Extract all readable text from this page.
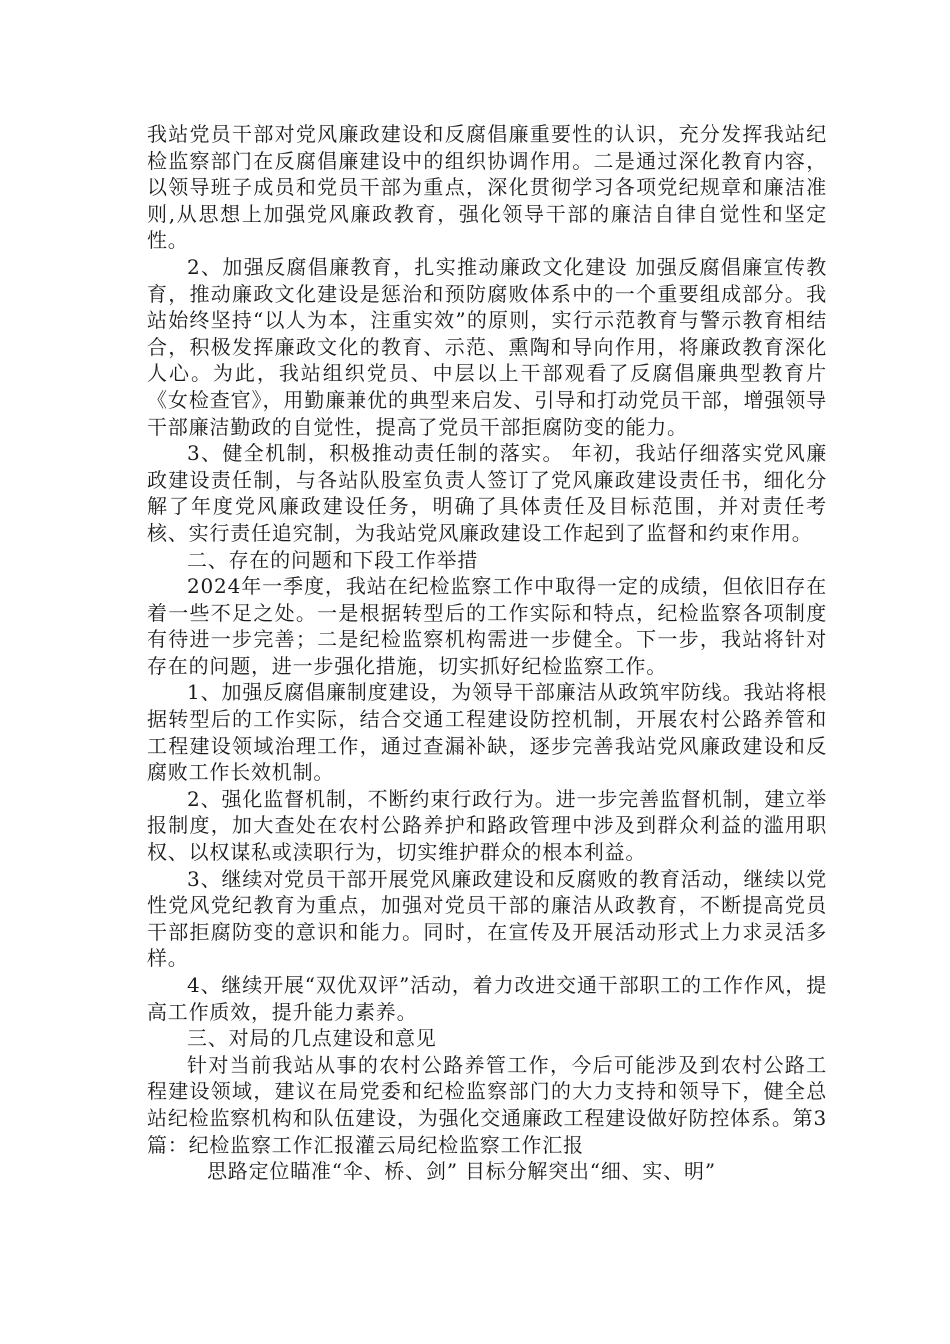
我站党员干部对党风廉政建设和反腐倡廉重要性的认识，充分发挥我站纪检监察部门在反腐倡廉建设中的组织协调作用。二是通过深化教育内容，以领导班子成员和党员干部为重点，深化贯彻学习各项党纪规章和廉洁准则,从思想上加强党风廉政教育，强化领导干部的廉洁自律自觉性和坚定性。

2、加强反腐倡廉教育，扎实推动廉政文化建设 加强反腐倡廉宣传教育，推动廉政文化建设是惩治和预防腐败体系中的一个重要组成部分。我站始终坚持“以人为本，注重实效”的原则，实行示范教育与警示教育相结合，积极发挥廉政文化的教育、示范、熏陶和导向作用，将廉政教育深化人心。为此，我站组织党员、中层以上干部观看了反腐倡廉典型教育片《女检查官》，用勤廉兼优的典型来启发、引导和打动党员干部，增强领导干部廉洁勤政的自觉性，提高了党员干部拒腐防变的能力。

3、健全机制，积极推动责任制的落实。 年初，我站仔细落实党风廉政建设责任制，与各站队股室负责人签订了党风廉政建设责任书，细化分解了年度党风廉政建设任务，明确了具体责任及目标范围，并对责任考核、实行责任追究制，为我站党风廉政建设工作起到了监督和约束作用。

二、存在的问题和下段工作举措

2024年一季度，我站在纪检监察工作中取得一定的成绩，但依旧存在着一些不足之处。一是根据转型后的工作实际和特点，纪检监察各项制度有待进一步完善；二是纪检监察机构需进一步健全。下一步，我站将针对存在的问题，进一步强化措施，切实抓好纪检监察工作。

1、加强反腐倡廉制度建设，为领导干部廉洁从政筑牢防线。我站将根据转型后的工作实际，结合交通工程建设防控机制，开展农村公路养管和工程建设领域治理工作，通过查漏补缺，逐步完善我站党风廉政建设和反腐败工作长效机制。

2、强化监督机制，不断约束行政行为。进一步完善监督机制，建立举报制度，加大查处在农村公路养护和路政管理中涉及到群众利益的滥用职权、以权谋私或渎职行为，切实维护群众的根本利益。

3、继续对党员干部开展党风廉政建设和反腐败的教育活动，继续以党性党风党纪教育为重点，加强对党员干部的廉洁从政教育，不断提高党员干部拒腐防变的意识和能力。同时，在宣传及开展活动形式上力求灵活多样。

4、继续开展“双优双评”活动，着力改进交通干部职工的工作作风，提高工作质效，提升能力素养。

三、对局的几点建设和意见

针对当前我站从事的农村公路养管工作，今后可能涉及到农村公路工程建设领域，建议在局党委和纪检监察部门的大力支持和领导下，健全总站纪检监察机构和队伍建设，为强化交通廉政工程建设做好防控体系。第3篇：纪检监察工作汇报灌云局纪检监察工作汇报

思路定位瞄准“伞、桥、剑” 目标分解突出“细、实、明”
